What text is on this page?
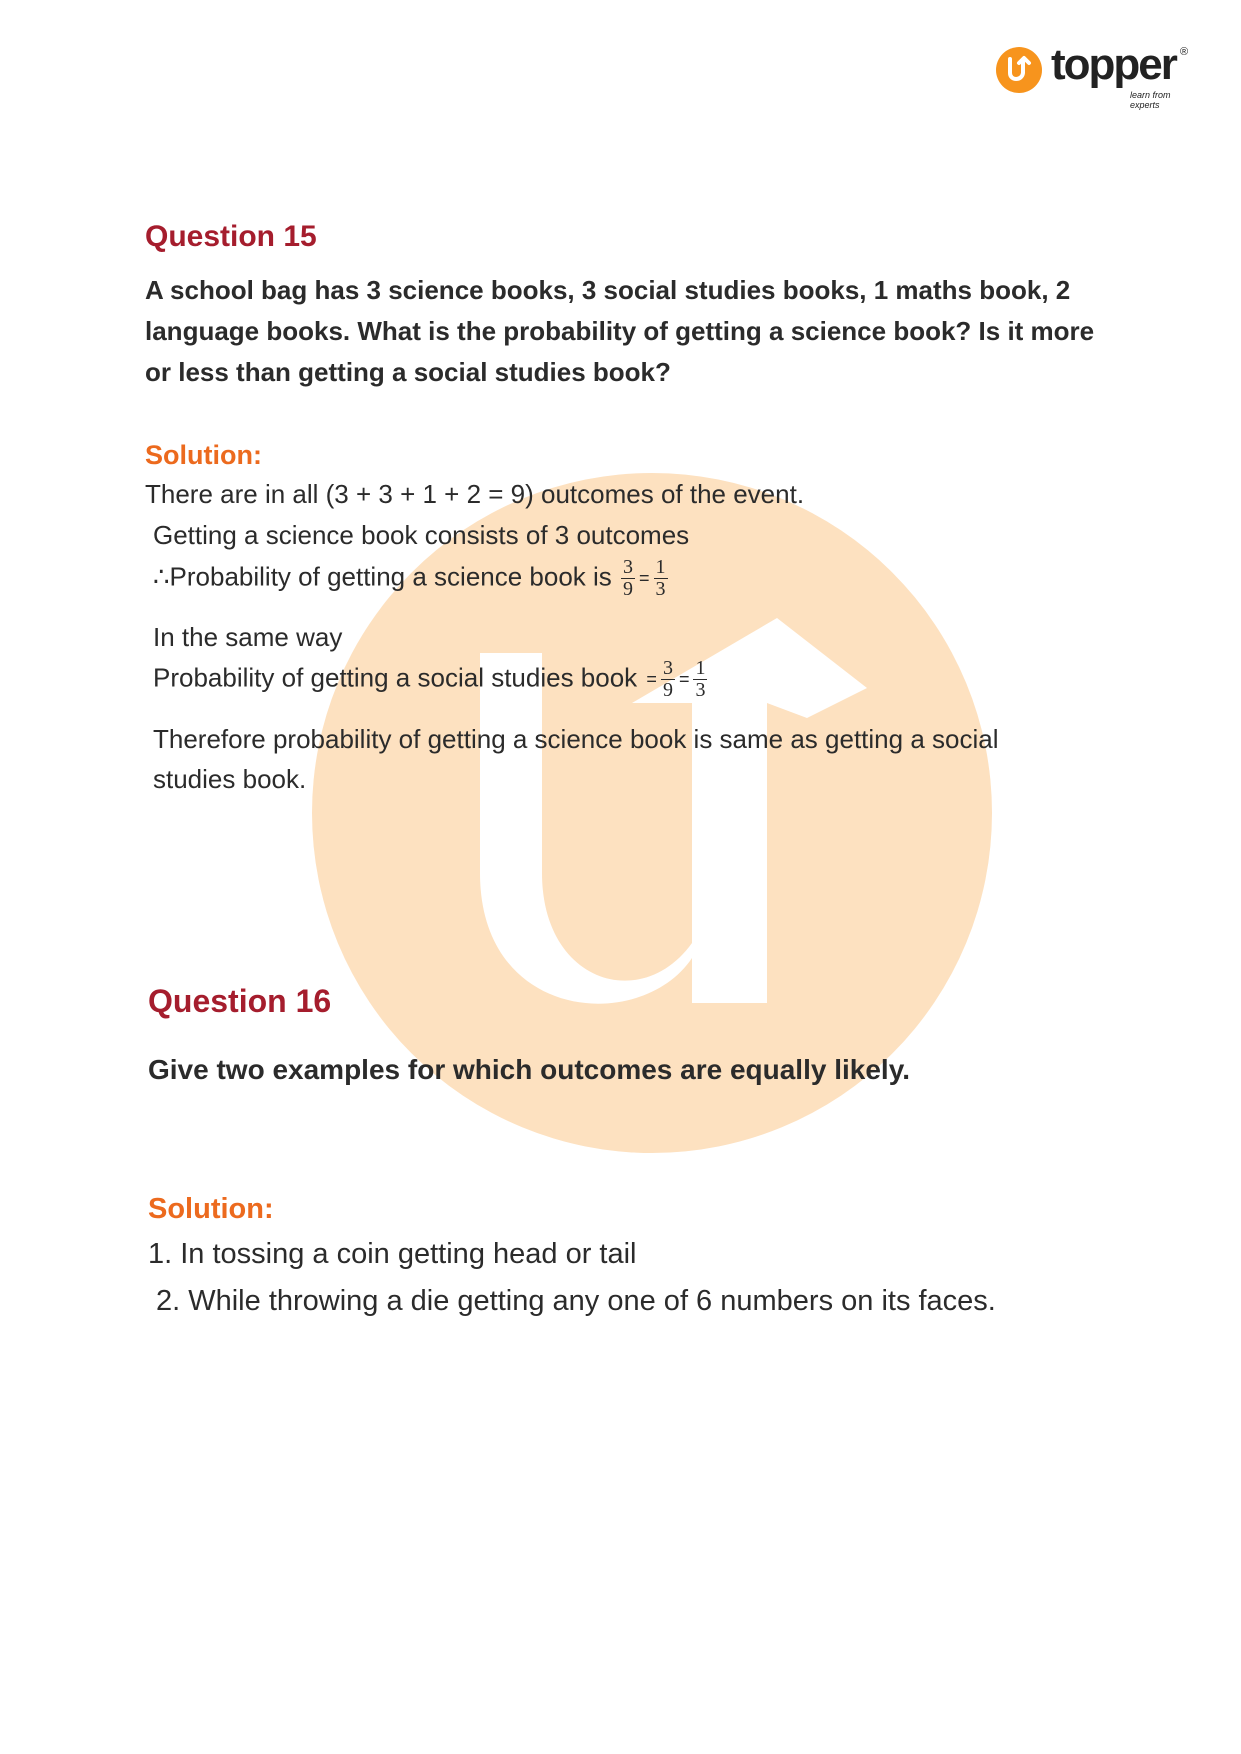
topper ®
learn from experts
Question 15

A school bag has 3 science books, 3 social studies books, 1 maths book, 2 language books. What is the probability of getting a science book? Is it more or less than getting a social studies book?

Solution:
There are in all (3 + 3 + 1 + 2 = 9) outcomes of the event.
Getting a science book consists of 3 outcomes
∴Probability of getting a science book is $\frac{3}{9} = \frac{1}{3}$
In the same way
Probability of getting a social studies book = $\frac{3}{9} = \frac{1}{3}$
Therefore probability of getting a science book is same as getting a social
studies book.
Question 16

Give two examples for which outcomes are equally likely.

Solution:
1. In tossing a coin getting head or tail
2. While throwing a die getting any one of 6 numbers on its faces.
